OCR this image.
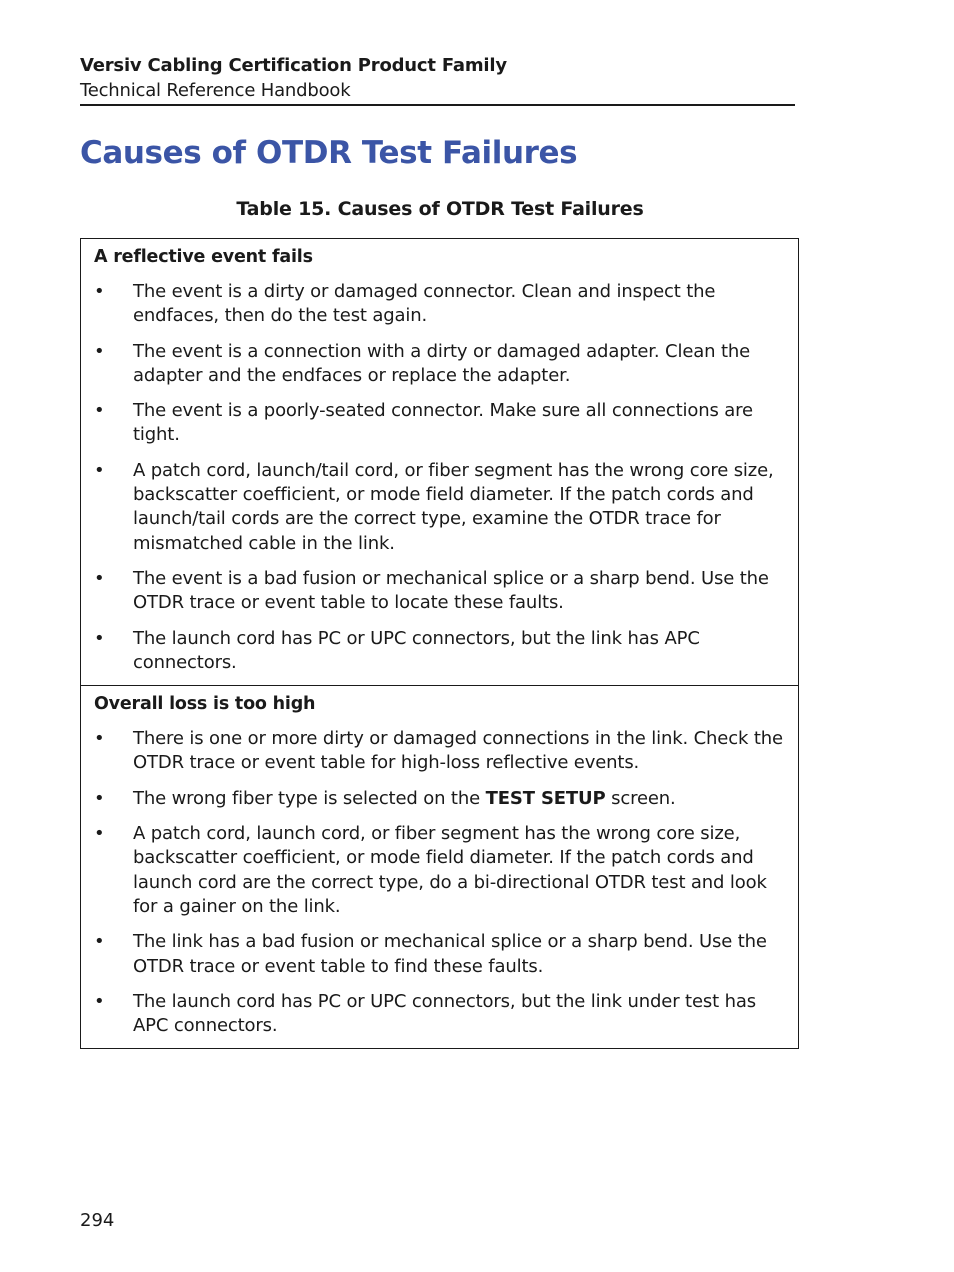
Versiv Cabling Certification Product Family
Technical Reference Handbook
Causes of OTDR Test Failures
Table 15. Causes of OTDR Test Failures
A reflective event fails
• The event is a dirty or damaged connector. Clean and inspect the endfaces, then do the test again.
• The event is a connection with a dirty or damaged adapter. Clean the adapter and the endfaces or replace the adapter.
• The event is a poorly-seated connector. Make sure all connections are tight.
• A patch cord, launch/tail cord, or fiber segment has the wrong core size, backscatter coefficient, or mode field diameter. If the patch cords and launch/tail cords are the correct type, examine the OTDR trace for mismatched cable in the link.
• The event is a bad fusion or mechanical splice or a sharp bend. Use the OTDR trace or event table to locate these faults.
• The launch cord has PC or UPC connectors, but the link has APC connectors.
Overall loss is too high
• There is one or more dirty or damaged connections in the link. Check the OTDR trace or event table for high-loss reflective events.
• The wrong fiber type is selected on the TEST SETUP screen.
• A patch cord, launch cord, or fiber segment has the wrong core size, backscatter coefficient, or mode field diameter. If the patch cords and launch cord are the correct type, do a bi-directional OTDR test and look for a gainer on the link.
• The link has a bad fusion or mechanical splice or a sharp bend. Use the OTDR trace or event table to find these faults.
• The launch cord has PC or UPC connectors, but the link under test has APC connectors.
294
